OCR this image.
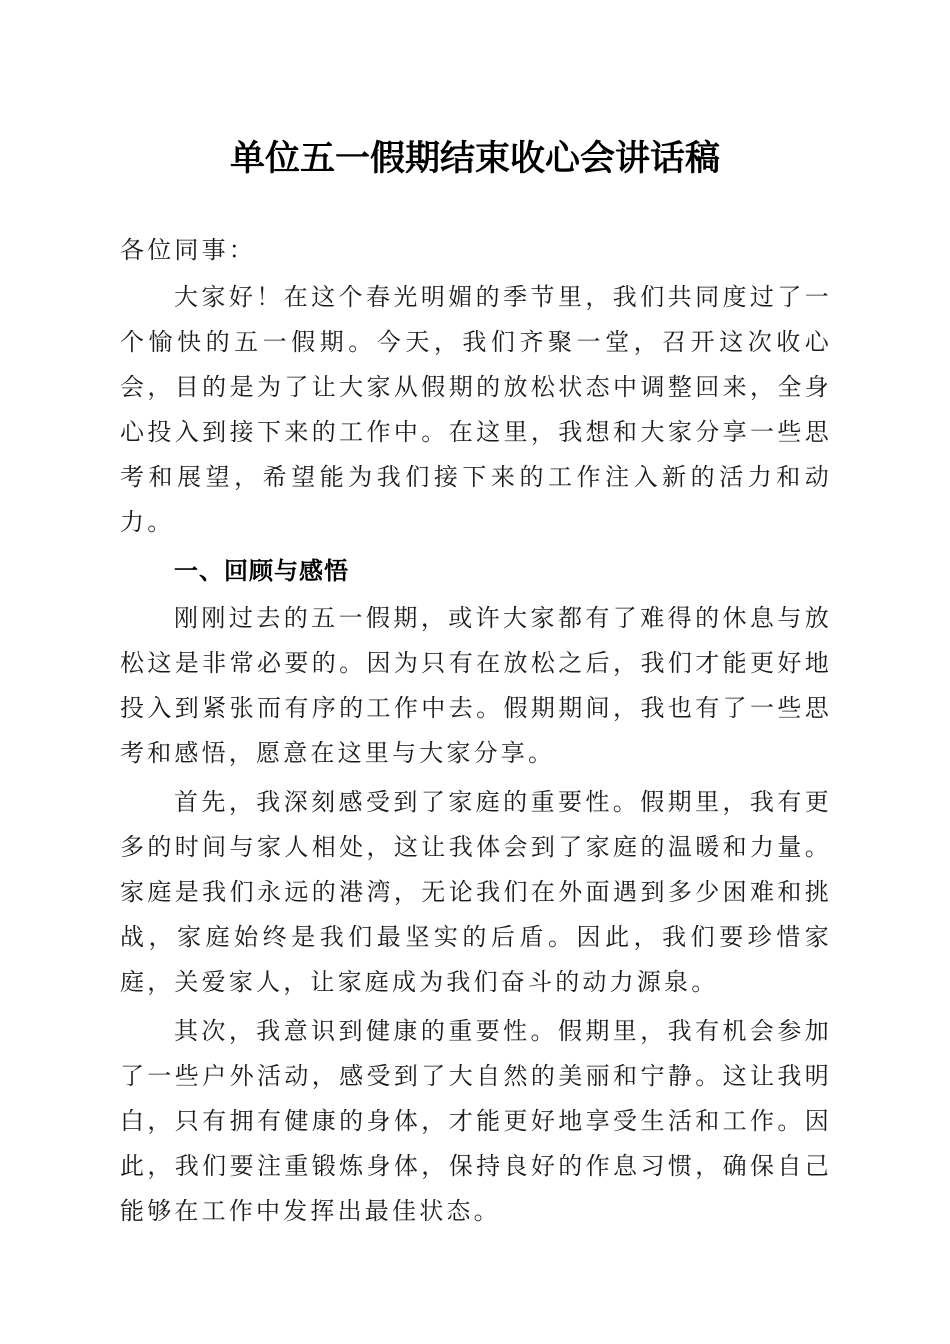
单位五一假期结束收心会讲话稿

各位同事：

大家好！在这个春光明媚的季节里，我们共同度过了一个愉快的五一假期。今天，我们齐聚一堂，召开这次收心会，目的是为了让大家从假期的放松状态中调整回来，全身心投入到接下来的工作中。在这里，我想和大家分享一些思考和展望，希望能为我们接下来的工作注入新的活力和动力。

一、回顾与感悟

刚刚过去的五一假期，或许大家都有了难得的休息与放松这是非常必要的。因为只有在放松之后，我们才能更好地投入到紧张而有序的工作中去。假期期间，我也有了一些思考和感悟，愿意在这里与大家分享。

首先，我深刻感受到了家庭的重要性。假期里，我有更多的时间与家人相处，这让我体会到了家庭的温暖和力量。家庭是我们永远的港湾，无论我们在外面遇到多少困难和挑战，家庭始终是我们最坚实的后盾。因此，我们要珍惜家庭，关爱家人，让家庭成为我们奋斗的动力源泉。

其次，我意识到健康的重要性。假期里，我有机会参加了一些户外活动，感受到了大自然的美丽和宁静。这让我明白，只有拥有健康的身体，才能更好地享受生活和工作。因此，我们要注重锻炼身体，保持良好的作息习惯，确保自己能够在工作中发挥出最佳状态。
